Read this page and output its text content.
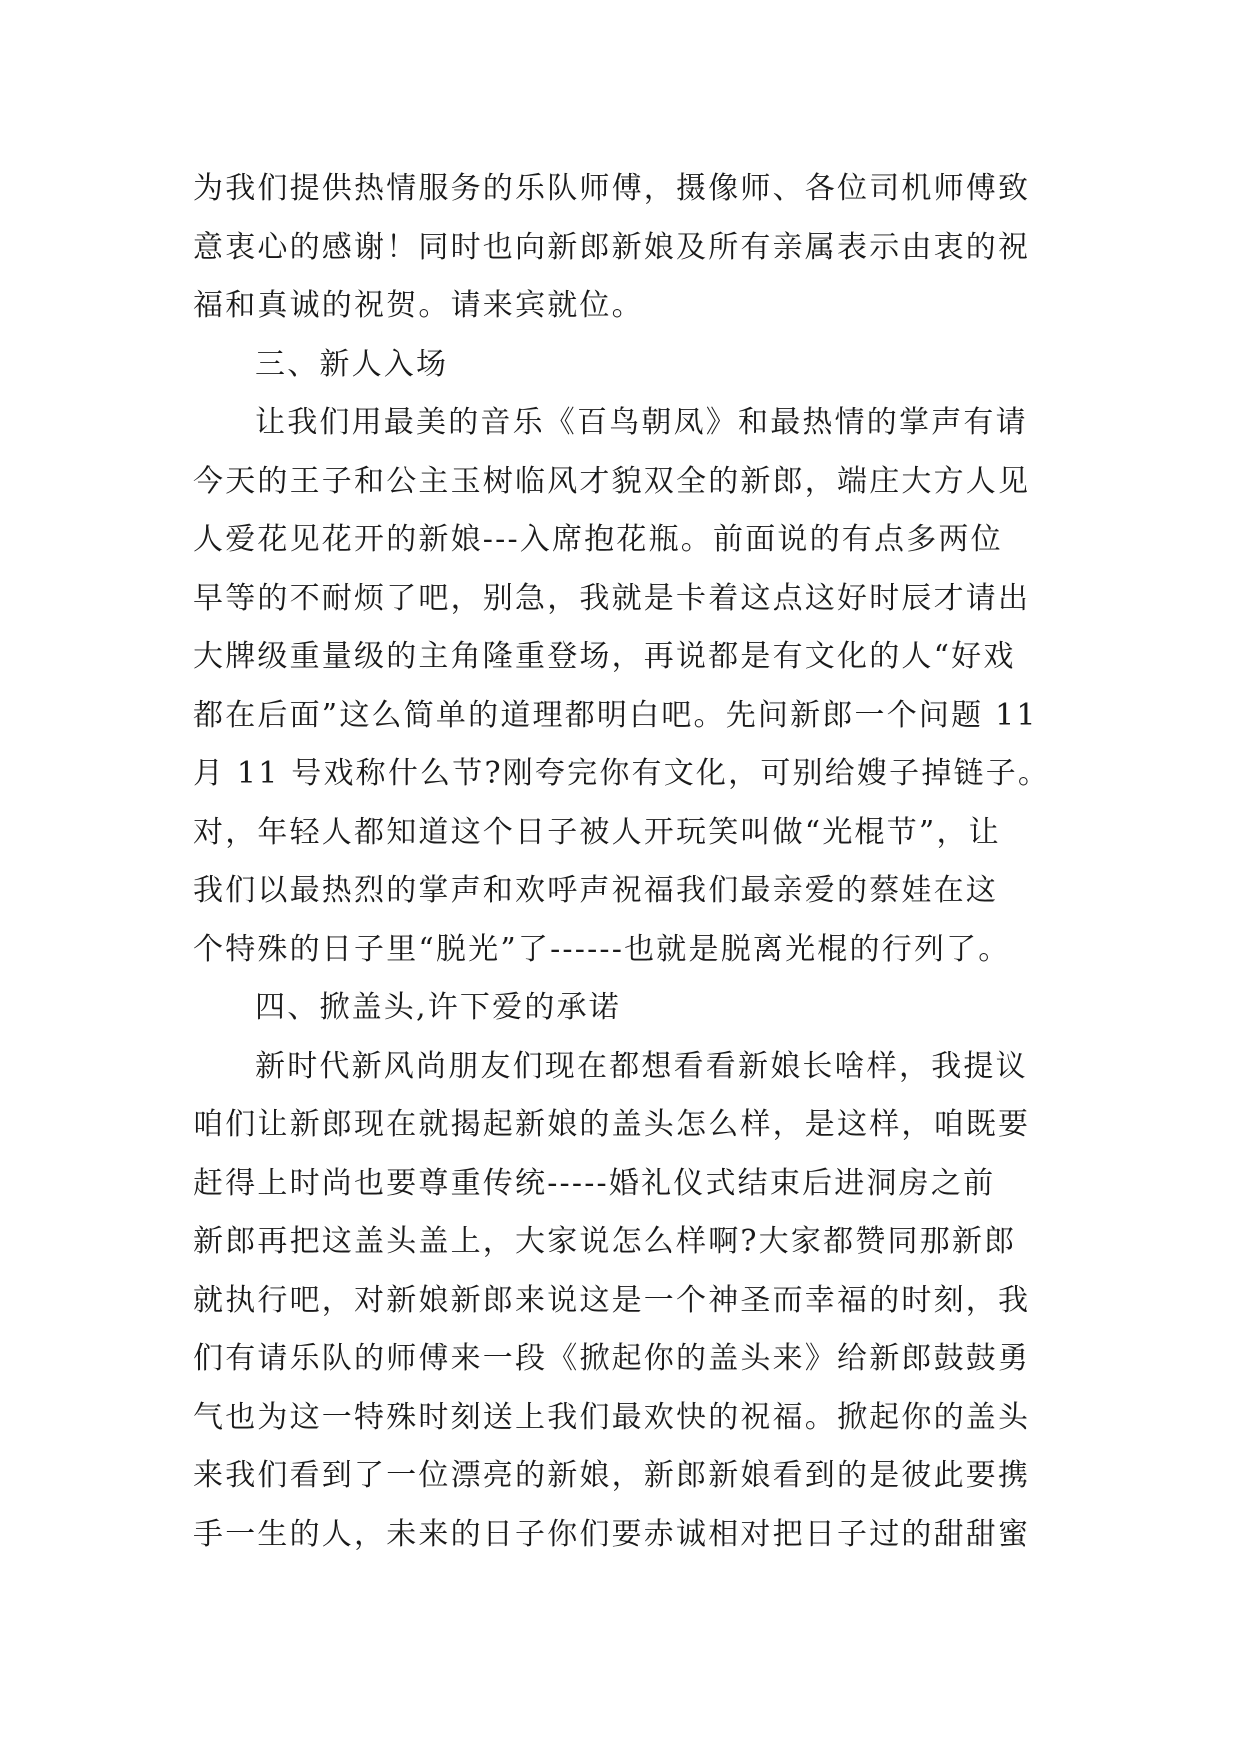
为我们提供热情服务的乐队师傅，摄像师、各位司机师傅致
意衷心的感谢！同时也向新郎新娘及所有亲属表示由衷的祝
福和真诚的祝贺。请来宾就位。
三、新人入场
让我们用最美的音乐《百鸟朝凤》和最热情的掌声有请
今天的王子和公主玉树临风才貌双全的新郎，端庄大方人见
人爱花见花开的新娘---入席抱花瓶。前面说的有点多两位
早等的不耐烦了吧，别急，我就是卡着这点这好时辰才请出
大牌级重量级的主角隆重登场，再说都是有文化的人“好戏
都在后面”这么简单的道理都明白吧。先问新郎一个问题 11
月 11 号戏称什么节?刚夸完你有文化，可别给嫂子掉链子。
对，年轻人都知道这个日子被人开玩笑叫做“光棍节”，让
我们以最热烈的掌声和欢呼声祝福我们最亲爱的蔡娃在这
个特殊的日子里“脱光”了------也就是脱离光棍的行列了。
四、掀盖头,许下爱的承诺
新时代新风尚朋友们现在都想看看新娘长啥样，我提议
咱们让新郎现在就揭起新娘的盖头怎么样，是这样，咱既要
赶得上时尚也要尊重传统-----婚礼仪式结束后进洞房之前
新郎再把这盖头盖上，大家说怎么样啊?大家都赞同那新郎
就执行吧，对新娘新郎来说这是一个神圣而幸福的时刻，我
们有请乐队的师傅来一段《掀起你的盖头来》给新郎鼓鼓勇
气也为这一特殊时刻送上我们最欢快的祝福。掀起你的盖头
来我们看到了一位漂亮的新娘，新郎新娘看到的是彼此要携
手一生的人，未来的日子你们要赤诚相对把日子过的甜甜蜜
